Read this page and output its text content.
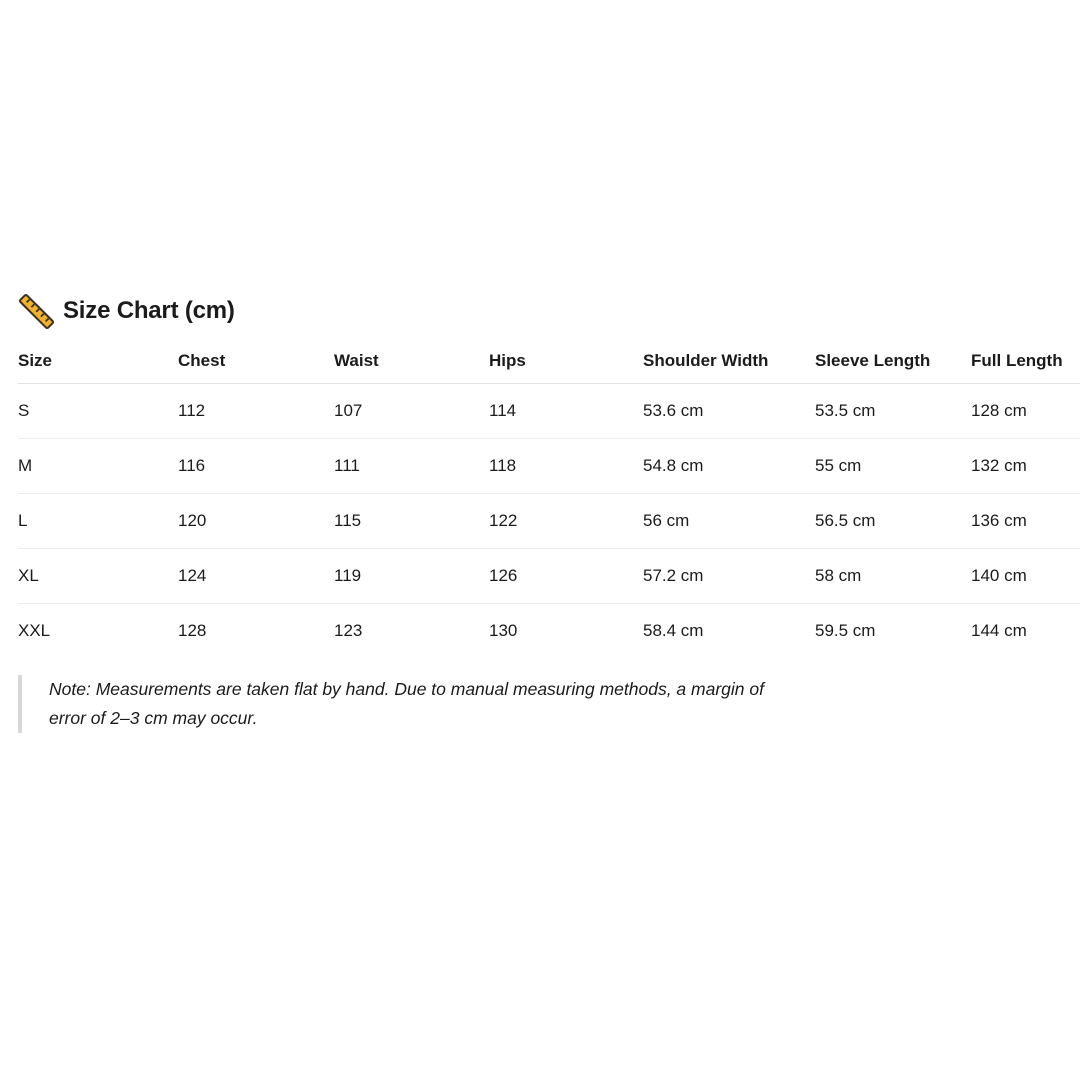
Size Chart (cm)
Size	Chest	Waist	Hips	Shoulder Width	Sleeve Length	Full Length
S	112	107	114	53.6 cm	53.5 cm	128 cm
M	116	111	118	54.8 cm	55 cm	132 cm
L	120	115	122	56 cm	56.5 cm	136 cm
XL	124	119	126	57.2 cm	58 cm	140 cm
XXL	128	123	130	58.4 cm	59.5 cm	144 cm
Note: Measurements are taken flat by hand. Due to manual measuring methods, a margin of
error of 2–3 cm may occur.
